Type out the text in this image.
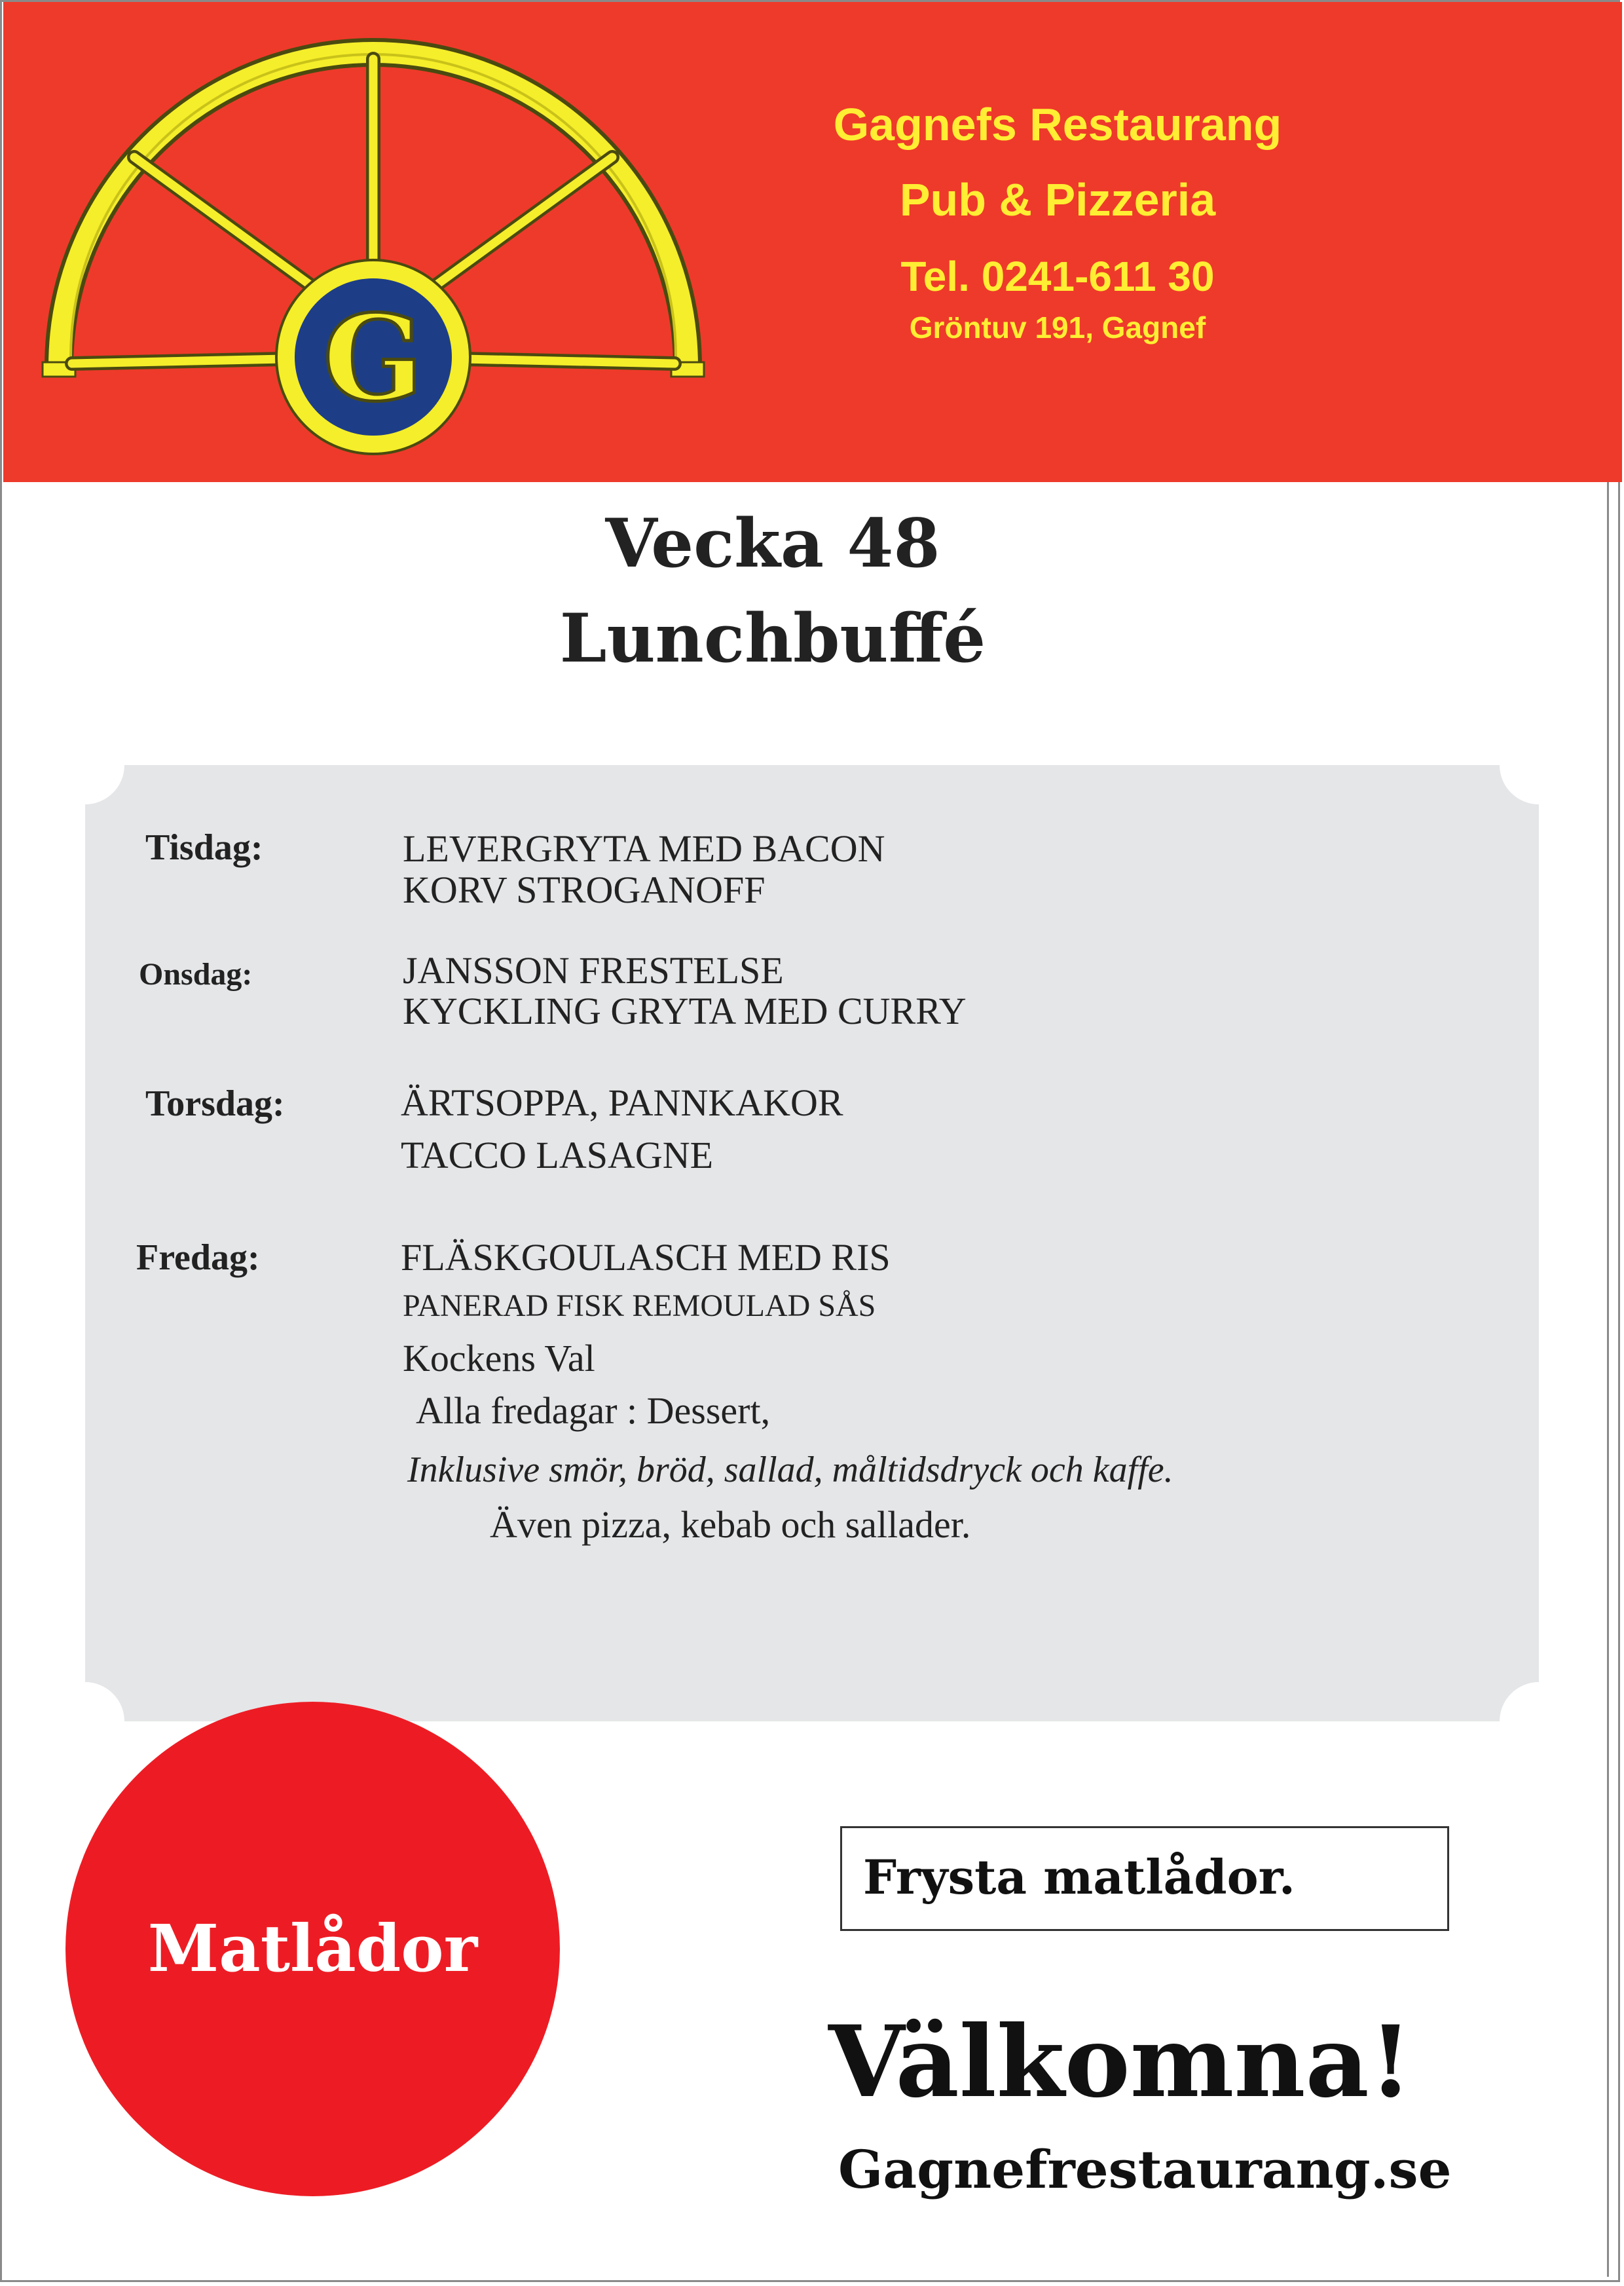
G
Gagnefs Restaurang
Pub & Pizzeria
Tel. 0241-611 30
Gröntuv 191, Gagnef
Vecka 48
Lunchbuffé
Tisdag:	LEVERGRYTA MED BACON
KORV STROGANOFF
Onsdag:	JANSSON FRESTELSE
KYCKLING GRYTA MED CURRY
Torsdag:	ÄRTSOPPA, PANNKAKOR
TACCO LASAGNE
Fredag:	FLÄSKGOULASCH MED RIS
PANERAD FISK REMOULAD SÅS
Kockens Val
Alla fredagar : Dessert,
Inklusive smör, bröd, sallad, måltidsdryck och kaffe.
Även pizza, kebab och sallader.
Matlådor
Frysta matlådor.
Välkomna!
Gagnefrestaurang.se
